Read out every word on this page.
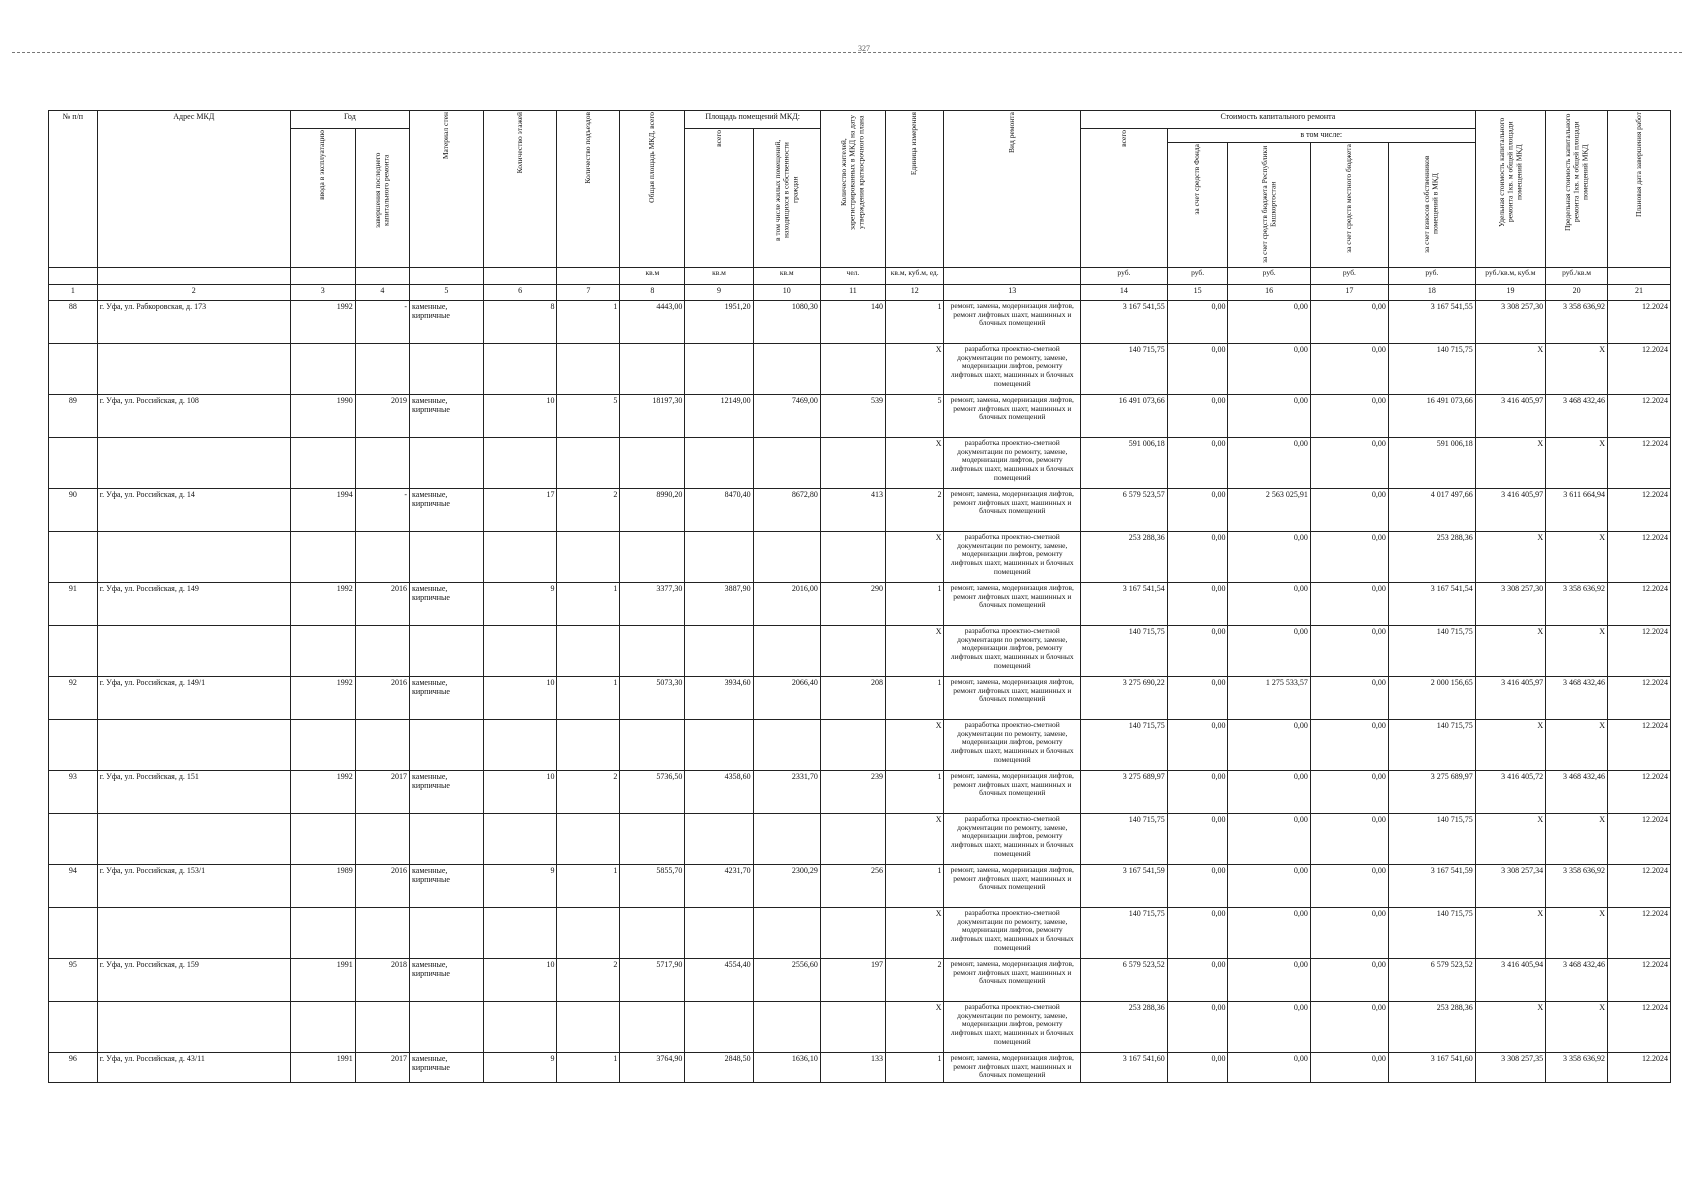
327
№ п/п	Адрес МКД	Год		Материал стен	Количество этажей	Количество подъездов	Общая площадь МКД, всего	Площадь помещений МКД:		Количество жителей, зарегистрированных в МКД на дату утверждения краткосрочного плана	Единица измерения	Вид ремонта	Стоимость капитального ремонта					Удельная стоимость капитального ремонта 1кв. м общей площади помещений МКД	Предельная стоимость капитального ремонта 1кв. м общей площади помещений МКД	Плановая дата завершения работ
		ввода в эксплуатацию	завершения последнего капитального ремонта					всего	в том числе жилых помещений, находящихся в собственности граждан				всего	в том числе:						
														за счет средств Фонда	за счет средств бюджета Республики Башкортостан	за счет средств местного бюджета	за счет взносов собственников помещений в МКД			
							кв.м	кв.м	кв.м	чел.	кв.м, куб.м, ед.		руб.	руб.	руб.	руб.	руб.	руб./кв.м, куб.м	руб./кв.м	
1	2	3	4	5	6	7	8	9	10	11	12	13	14	15	16	17	18	19	20	21
88	г. Уфа, ул. Рабкоровская, д. 173	1992	-	каменные, кирпичные	8	1	4443,00	1951,20	1080,30	140	1	ремонт, замена, модернизация лифтов, ремонт лифтовых шахт, машинных и блочных помещений	3 167 541,55	0,00	0,00	0,00	3 167 541,55	3 308 257,30	3 358 636,92	12.2024
											Х	разработка проектно-сметной документации по ремонту, замене, модернизации лифтов, ремонту лифтовых шахт, машинных и блочных помещений	140 715,75	0,00	0,00	0,00	140 715,75	Х	Х	12.2024
89	г. Уфа, ул. Российская, д. 108	1990	2019	каменные, кирпичные	10	5	18197,30	12149,00	7469,00	539	5	ремонт, замена, модернизация лифтов, ремонт лифтовых шахт, машинных и блочных помещений	16 491 073,66	0,00	0,00	0,00	16 491 073,66	3 416 405,97	3 468 432,46	12.2024
											Х	разработка проектно-сметной документации по ремонту, замене, модернизации лифтов, ремонту лифтовых шахт, машинных и блочных помещений	591 006,18	0,00	0,00	0,00	591 006,18	Х	Х	12.2024
90	г. Уфа, ул. Российская, д. 14	1994	-	каменные, кирпичные	17	2	8990,20	8470,40	8672,80	413	2	ремонт, замена, модернизация лифтов, ремонт лифтовых шахт, машинных и блочных помещений	6 579 523,57	0,00	2 563 025,91	0,00	4 017 497,66	3 416 405,97	3 611 664,94	12.2024
											Х	разработка проектно-сметной документации по ремонту, замене, модернизации лифтов, ремонту лифтовых шахт, машинных и блочных помещений	253 288,36	0,00	0,00	0,00	253 288,36	Х	Х	12.2024
91	г. Уфа, ул. Российская, д. 149	1992	2016	каменные, кирпичные	9	1	3377,30	3887,90	2016,00	290	1	ремонт, замена, модернизация лифтов, ремонт лифтовых шахт, машинных и блочных помещений	3 167 541,54	0,00	0,00	0,00	3 167 541,54	3 308 257,30	3 358 636,92	12.2024
											Х	разработка проектно-сметной документации по ремонту, замене, модернизации лифтов, ремонту лифтовых шахт, машинных и блочных помещений	140 715,75	0,00	0,00	0,00	140 715,75	Х	Х	12.2024
92	г. Уфа, ул. Российская, д. 149/1	1992	2016	каменные, кирпичные	10	1	5073,30	3934,60	2066,40	208	1	ремонт, замена, модернизация лифтов, ремонт лифтовых шахт, машинных и блочных помещений	3 275 690,22	0,00	1 275 533,57	0,00	2 000 156,65	3 416 405,97	3 468 432,46	12.2024
											Х	разработка проектно-сметной документации по ремонту, замене, модернизации лифтов, ремонту лифтовых шахт, машинных и блочных помещений	140 715,75	0,00	0,00	0,00	140 715,75	Х	Х	12.2024
93	г. Уфа, ул. Российская, д. 151	1992	2017	каменные, кирпичные	10	2	5736,50	4358,60	2331,70	239	1	ремонт, замена, модернизация лифтов, ремонт лифтовых шахт, машинных и блочных помещений	3 275 689,97	0,00	0,00	0,00	3 275 689,97	3 416 405,72	3 468 432,46	12.2024
											Х	разработка проектно-сметной документации по ремонту, замене, модернизации лифтов, ремонту лифтовых шахт, машинных и блочных помещений	140 715,75	0,00	0,00	0,00	140 715,75	Х	Х	12.2024
94	г. Уфа, ул. Российская, д. 153/1	1989	2016	каменные, кирпичные	9	1	5855,70	4231,70	2300,29	256	1	ремонт, замена, модернизация лифтов, ремонт лифтовых шахт, машинных и блочных помещений	3 167 541,59	0,00	0,00	0,00	3 167 541,59	3 308 257,34	3 358 636,92	12.2024
											Х	разработка проектно-сметной документации по ремонту, замене, модернизации лифтов, ремонту лифтовых шахт, машинных и блочных помещений	140 715,75	0,00	0,00	0,00	140 715,75	Х	Х	12.2024
95	г. Уфа, ул. Российская, д. 159	1991	2018	каменные, кирпичные	10	2	5717,90	4554,40	2556,60	197	2	ремонт, замена, модернизация лифтов, ремонт лифтовых шахт, машинных и блочных помещений	6 579 523,52	0,00	0,00	0,00	6 579 523,52	3 416 405,94	3 468 432,46	12.2024
											Х	разработка проектно-сметной документации по ремонту, замене, модернизации лифтов, ремонту лифтовых шахт, машинных и блочных помещений	253 288,36	0,00	0,00	0,00	253 288,36	Х	Х	12.2024
96	г. Уфа, ул. Российская, д. 43/11	1991	2017	каменные, кирпичные	9	1	3764,90	2848,50	1636,10	133	1	ремонт, замена, модернизация лифтов, ремонт лифтовых шахт, машинных и блочных помещений	3 167 541,60	0,00	0,00	0,00	3 167 541,60	3 308 257,35	3 358 636,92	12.2024
